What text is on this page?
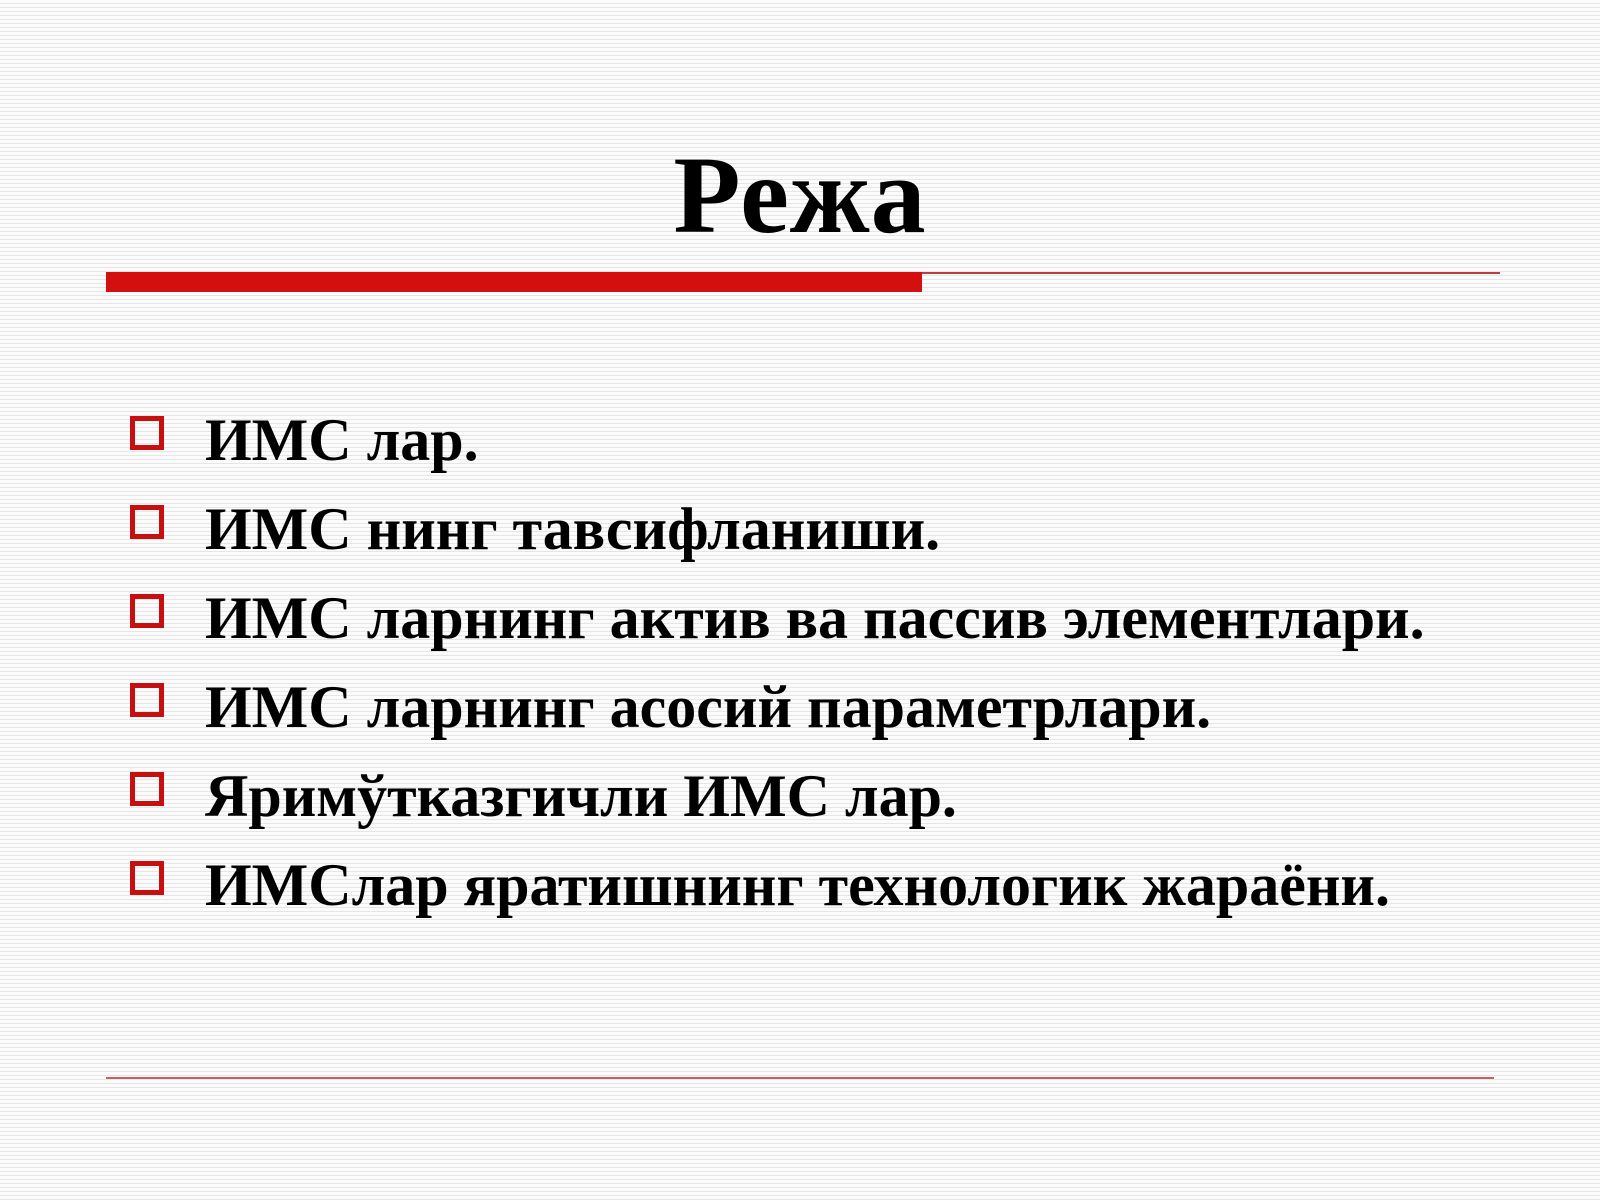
Режа
ИМС лар.
ИМС нинг тавсифланиши.
ИМС ларнинг актив ва пассив элементлари.
ИМС ларнинг асосий параметрлари.
Яримўтказгичли ИМС лар.
ИМСлар яратишнинг технологик жараёни.
